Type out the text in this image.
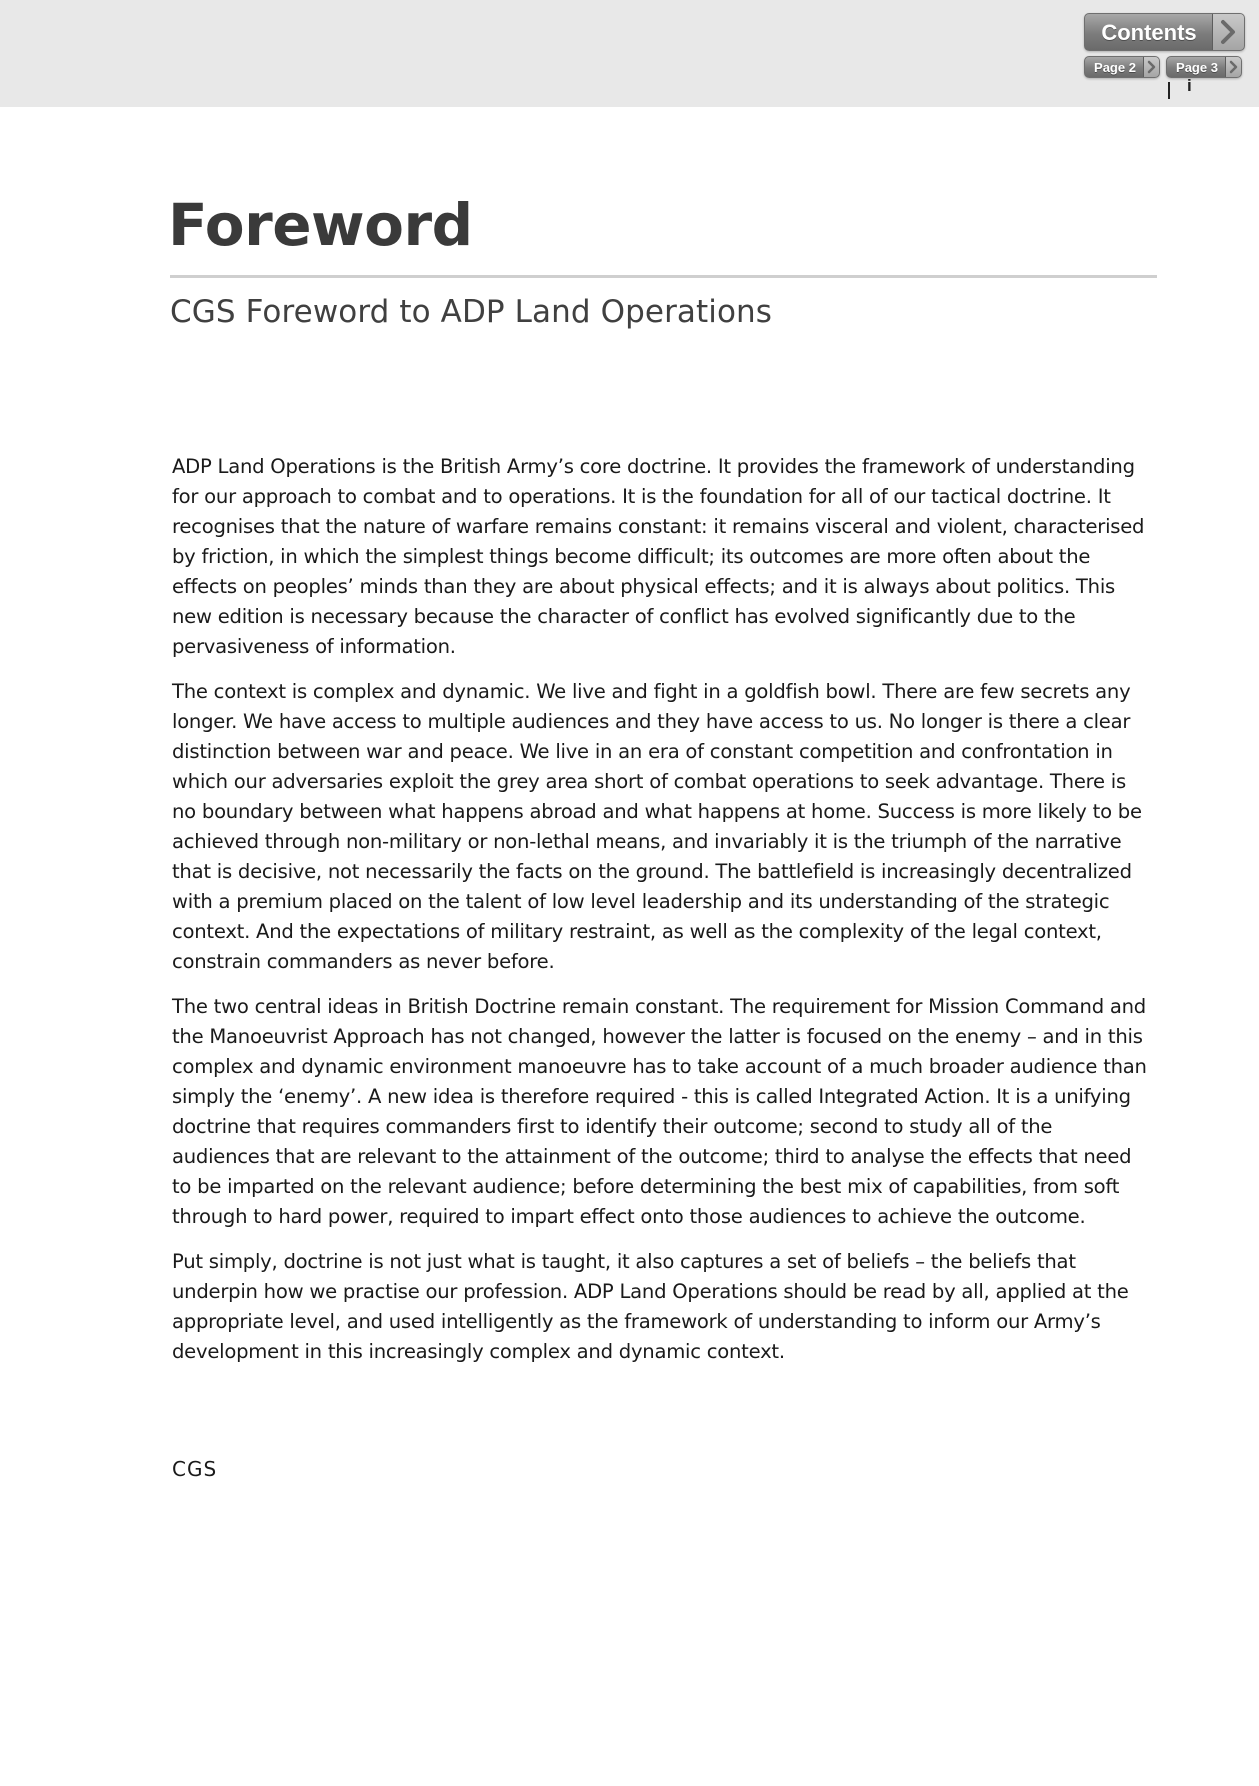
Contents
Page 2	Page 3
i
Foreword
CGS Foreword to ADP Land Operations

ADP Land Operations is the British Army’s core doctrine. It provides the framework of understanding for our approach to combat and to operations. It is the foundation for all of our tactical doctrine. It recognises that the nature of warfare remains constant: it remains visceral and violent, characterised by friction, in which the simplest things become difficult; its outcomes are more often about the effects on peoples’ minds than they are about physical effects; and it is always about politics. This new edition is necessary because the character of conflict has evolved significantly due to the pervasiveness of information.

The context is complex and dynamic. We live and fight in a goldfish bowl. There are few secrets any longer. We have access to multiple audiences and they have access to us. No longer is there a clear distinction between war and peace. We live in an era of constant competition and confrontation in which our adversaries exploit the grey area short of combat operations to seek advantage. There is no boundary between what happens abroad and what happens at home. Success is more likely to be achieved through non-military or non-lethal means, and invariably it is the triumph of the narrative that is decisive, not necessarily the facts on the ground. The battlefield is increasingly decentralized with a premium placed on the talent of low level leadership and its understanding of the strategic context. And the expectations of military restraint, as well as the complexity of the legal context, constrain commanders as never before.

The two central ideas in British Doctrine remain constant. The requirement for Mission Command and the Manoeuvrist Approach has not changed, however the latter is focused on the enemy – and in this complex and dynamic environment manoeuvre has to take account of a much broader audience than simply the ‘enemy’. A new idea is therefore required - this is called Integrated Action. It is a unifying doctrine that requires commanders first to identify their outcome; second to study all of the audiences that are relevant to the attainment of the outcome; third to analyse the effects that need to be imparted on the relevant audience; before determining the best mix of capabilities, from soft through to hard power, required to impart effect onto those audiences to achieve the outcome.

Put simply, doctrine is not just what is taught, it also captures a set of beliefs – the beliefs that underpin how we practise our profession. ADP Land Operations should be read by all, applied at the appropriate level, and used intelligently as the framework of understanding to inform our Army’s development in this increasingly complex and dynamic context.

CGS
